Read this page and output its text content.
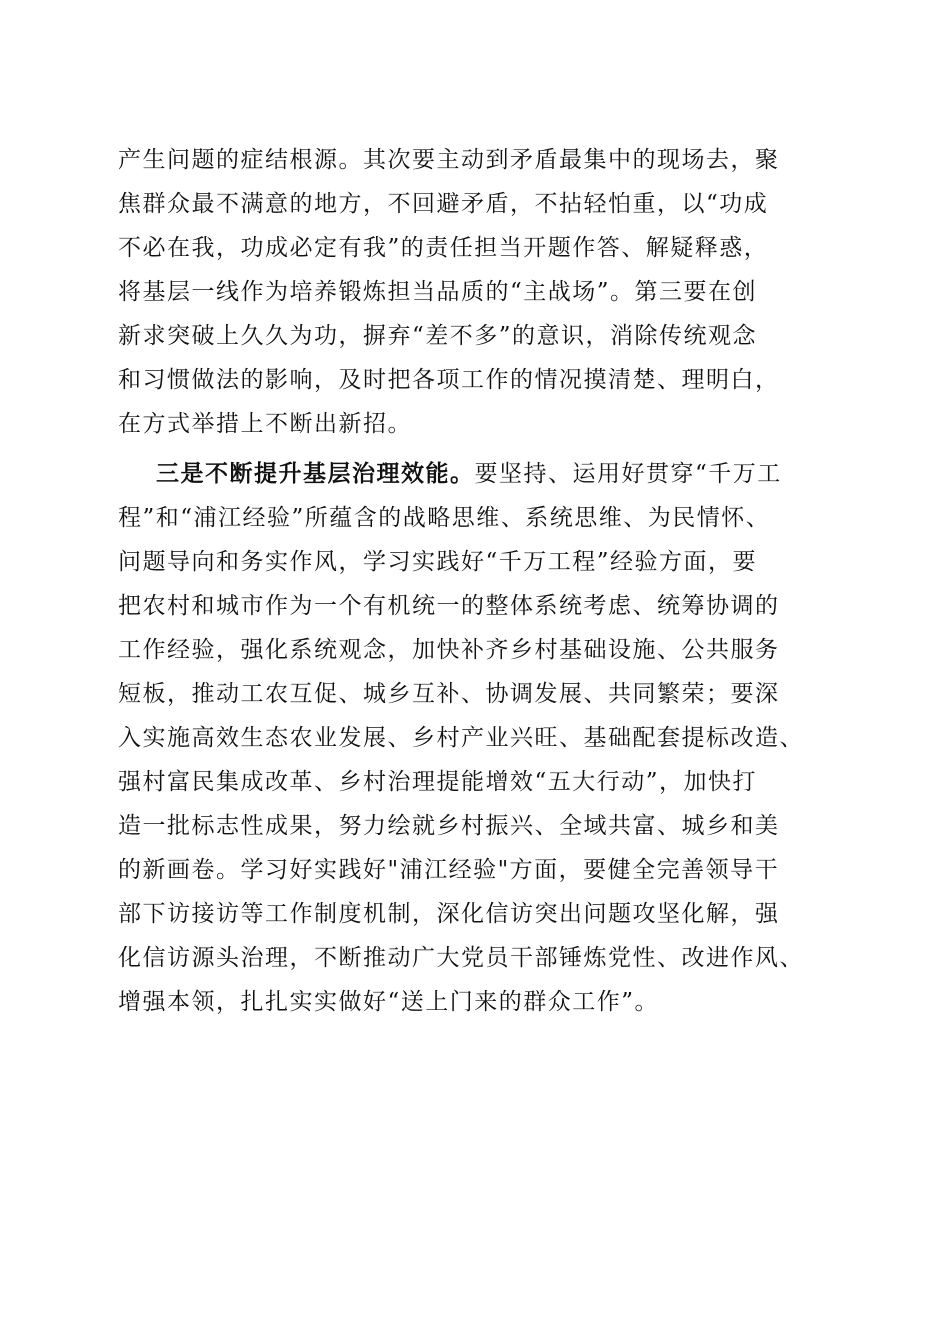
产生问题的症结根源。其次要主动到矛盾最集中的现场去，聚
焦群众最不满意的地方，不回避矛盾，不拈轻怕重，以“功成
不必在我，功成必定有我”的责任担当开题作答、解疑释惑，
将基层一线作为培养锻炼担当品质的“主战场”。第三要在创
新求突破上久久为功，摒弃“差不多”的意识，消除传统观念
和习惯做法的影响，及时把各项工作的情况摸清楚、理明白，
在方式举措上不断出新招。
三是不断提升基层治理效能。要坚持、运用好贯穿“千万工
程”和“浦江经验”所蕴含的战略思维、系统思维、为民情怀、
问题导向和务实作风，学习实践好“千万工程”经验方面，要
把农村和城市作为一个有机统一的整体系统考虑、统筹协调的
工作经验，强化系统观念，加快补齐乡村基础设施、公共服务
短板，推动工农互促、城乡互补、协调发展、共同繁荣；要深
入实施高效生态农业发展、乡村产业兴旺、基础配套提标改造、
强村富民集成改革、乡村治理提能增效“五大行动”，加快打
造一批标志性成果，努力绘就乡村振兴、全域共富、城乡和美
的新画卷。学习好实践好"浦江经验"方面，要健全完善领导干
部下访接访等工作制度机制，深化信访突出问题攻坚化解，强
化信访源头治理，不断推动广大党员干部锤炼党性、改进作风、
增强本领，扎扎实实做好“送上门来的群众工作”。
